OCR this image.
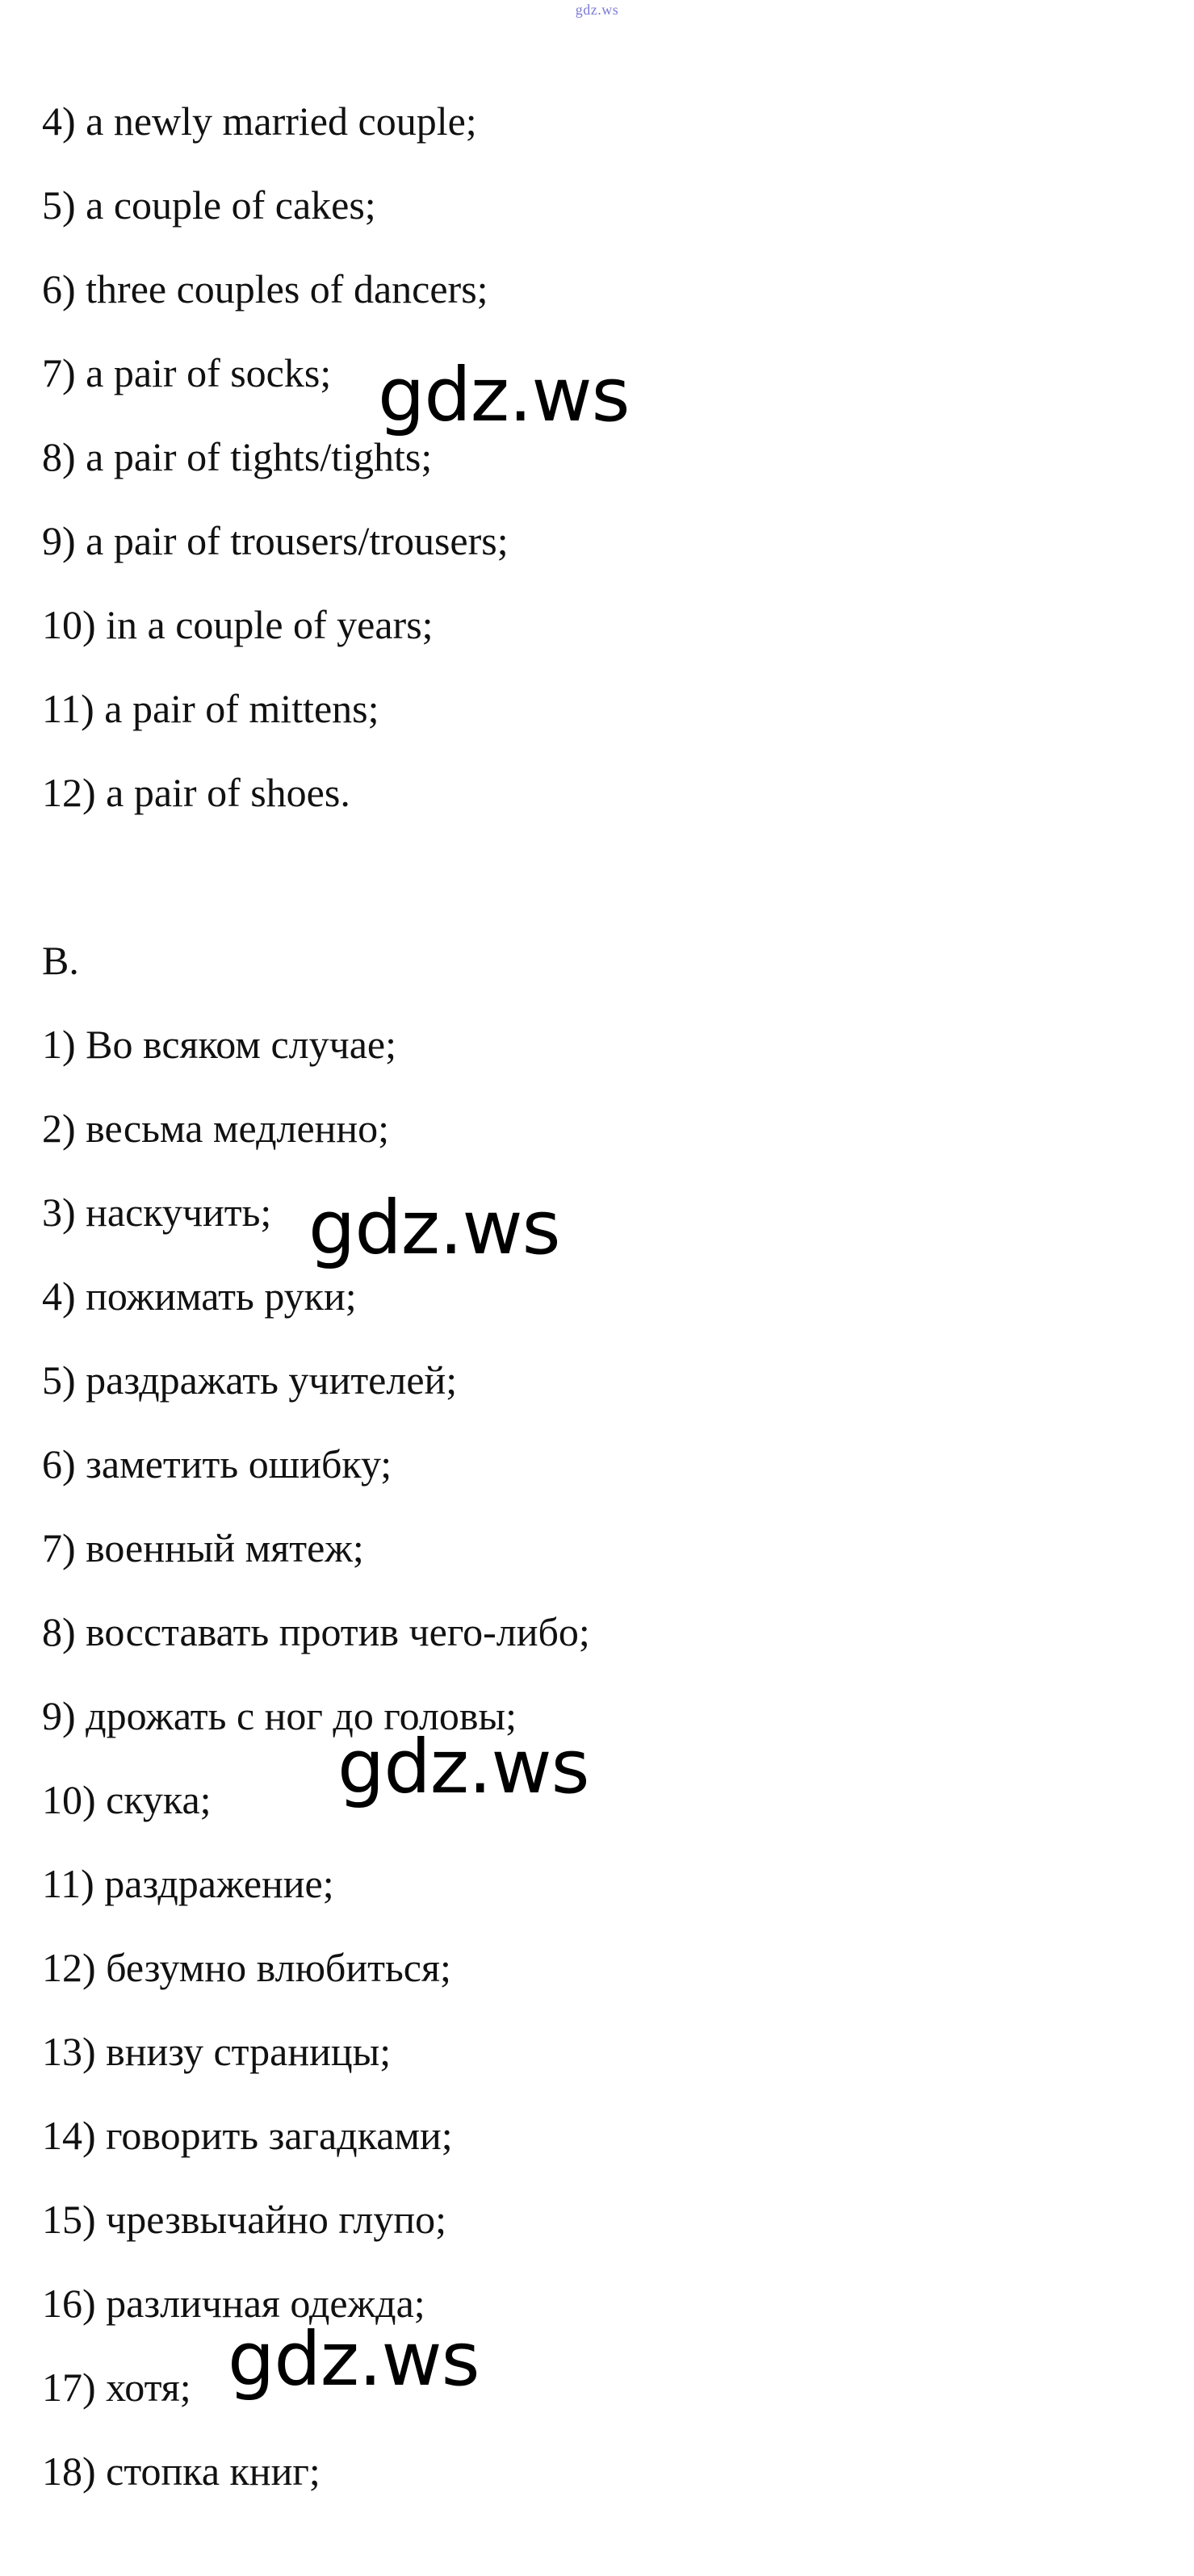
gdz.ws
4) a newly married couple;
5) a couple of cakes;
6) three couples of dancers;
7) a pair of socks;
8) a pair of tights/tights;
9) a pair of trousers/trousers;
10) in a couple of years;
11) a pair of mittens;
12) a pair of shoes.
B.
1) Во всяком случае;
2) весьма медленно;
3) наскучить;
4) пожимать руки;
5) раздражать учителей;
6) заметить ошибку;
7) военный мятеж;
8) восставать против чего-либо;
9) дрожать с ног до головы;
10) скука;
11) раздражение;
12) безумно влюбиться;
13) внизу страницы;
14) говорить загадками;
15) чрезвычайно глупо;
16) различная одежда;
17) хотя;
18) стопка книг;
gdz.ws
gdz.ws
gdz.ws
gdz.ws
